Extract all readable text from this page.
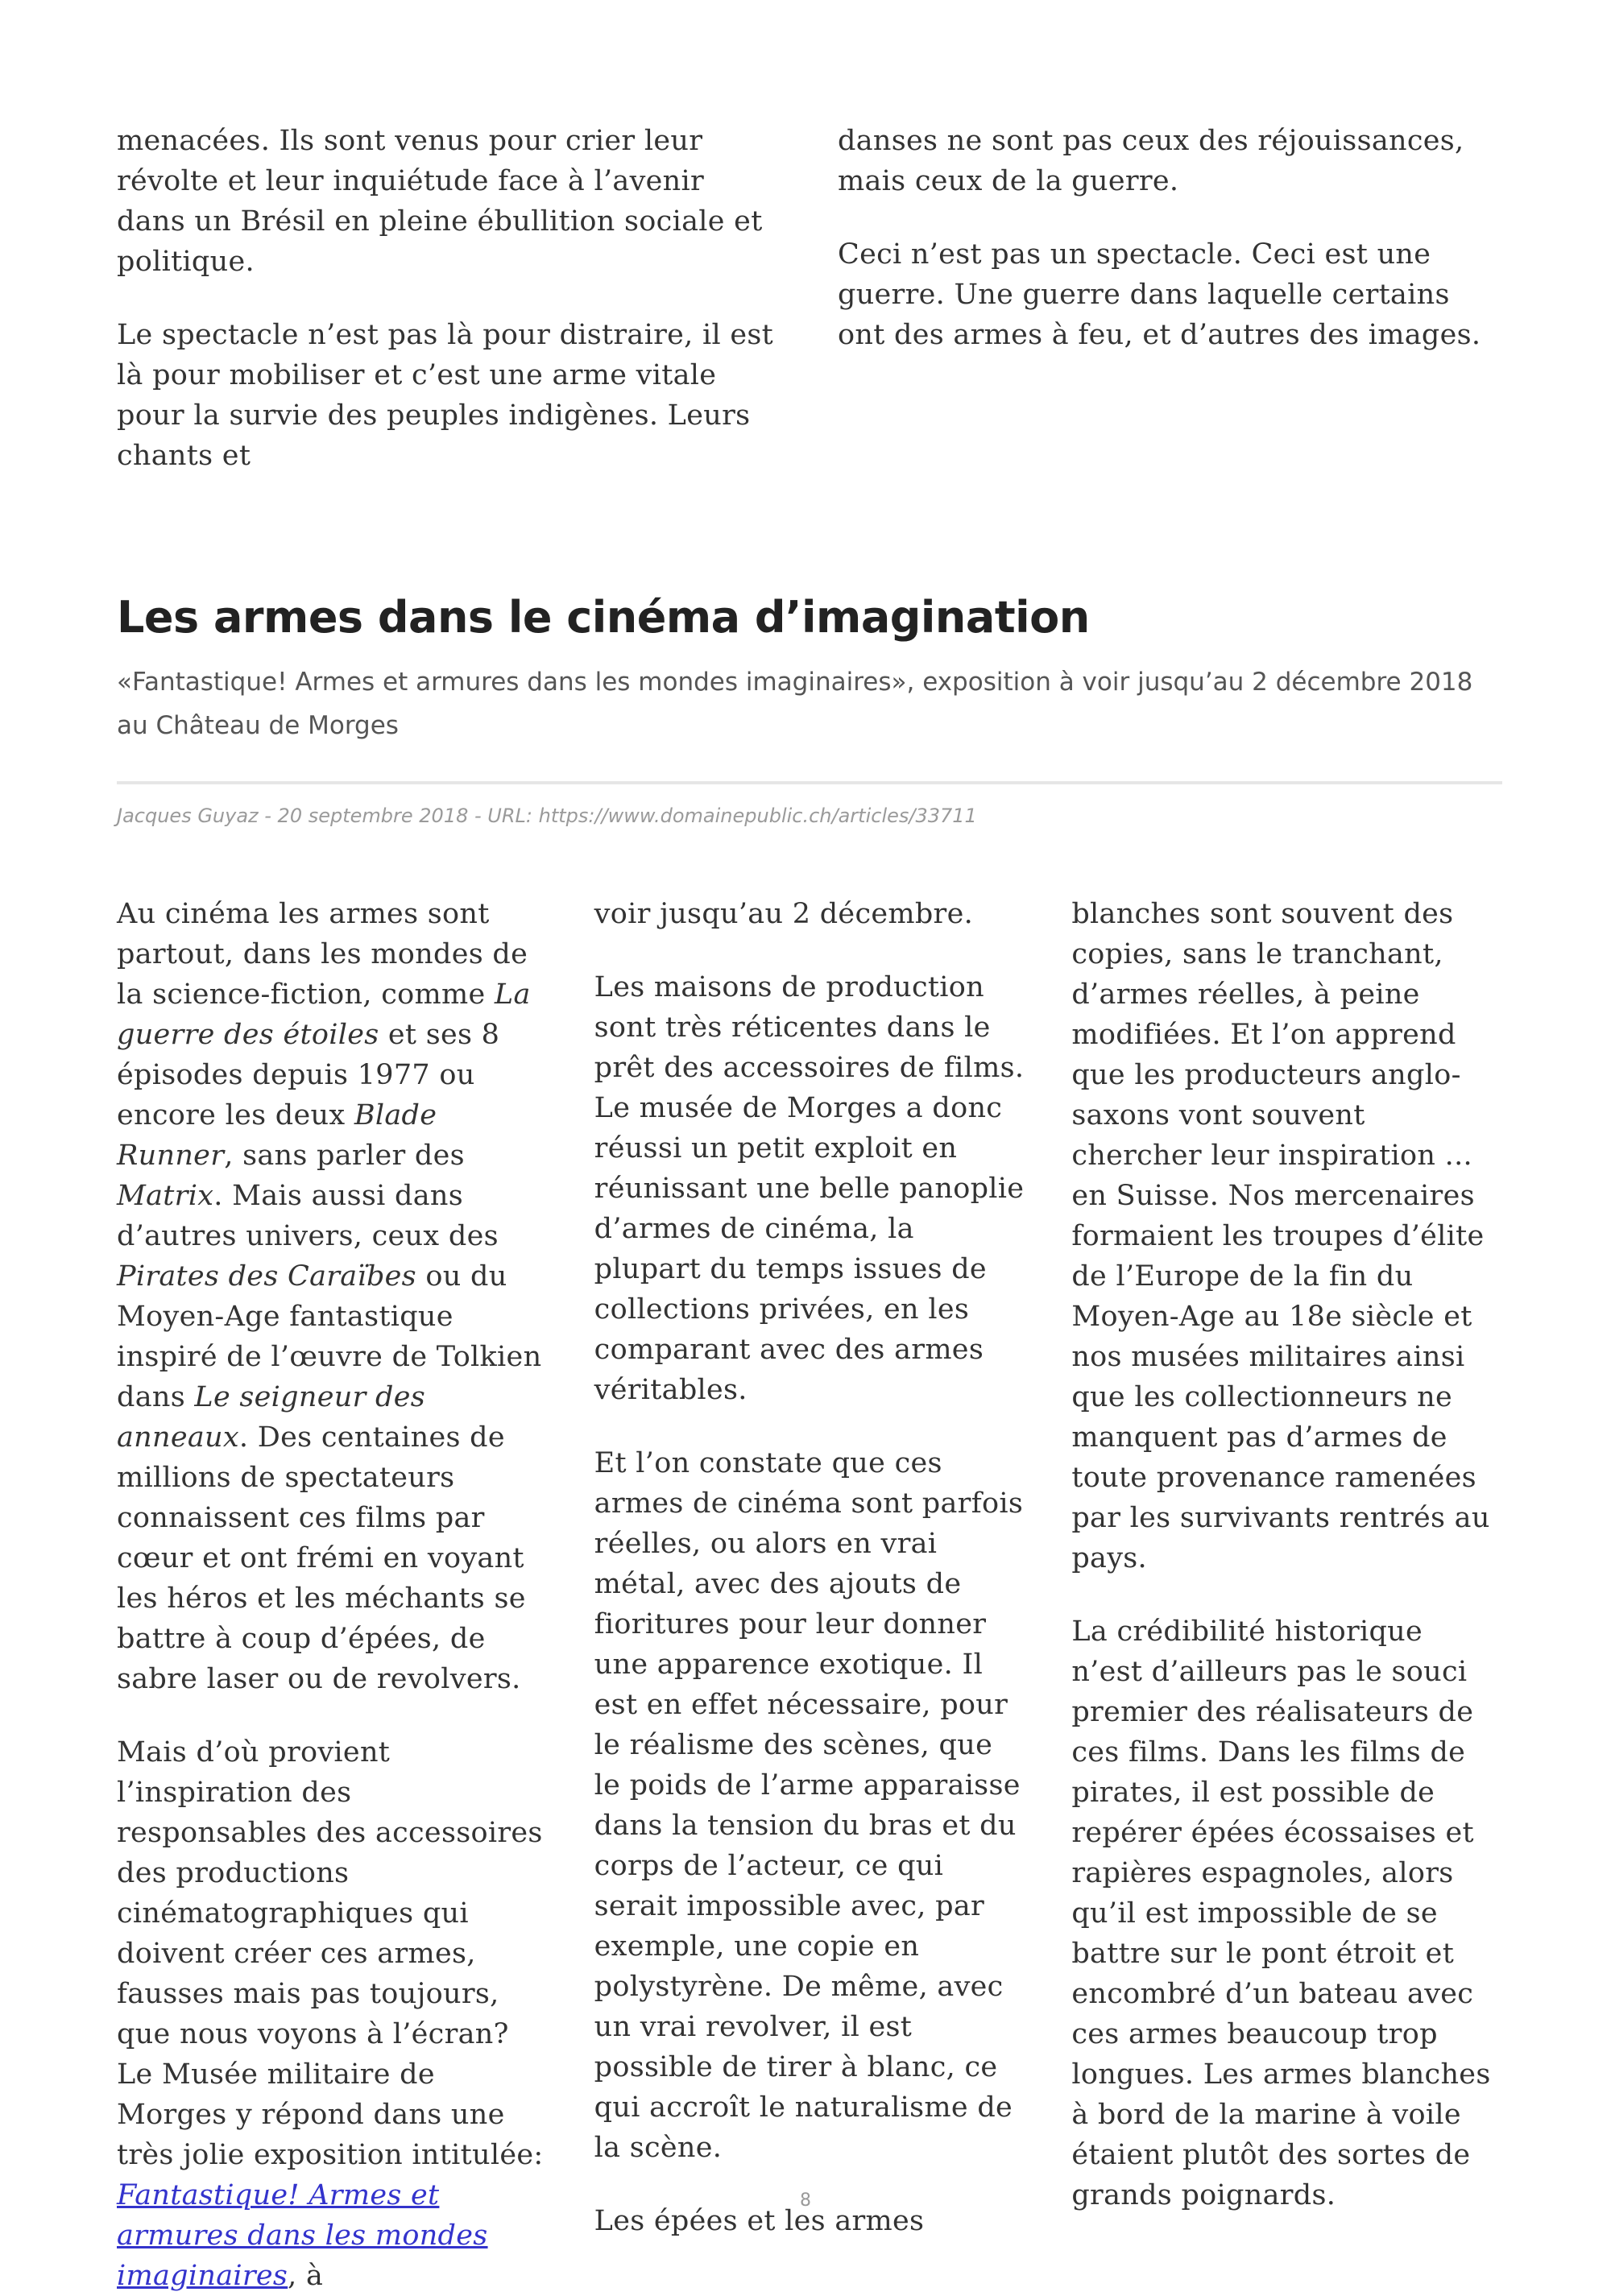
menacées. Ils sont venus pour crier leur révolte et leur inquiétude face à l’avenir dans un Brésil en pleine ébullition sociale et politique.

Le spectacle n’est pas là pour distraire, il est là pour mobiliser et c’est une arme vitale pour la survie des peuples indigènes. Leurs chants et

danses ne sont pas ceux des réjouissances, mais ceux de la guerre.

Ceci n’est pas un spectacle. Ceci est une guerre. Une guerre dans laquelle certains ont des armes à feu, et d’autres des images.

Les armes dans le cinéma d’imagination

«Fantastique! Armes et armures dans les mondes imaginaires», exposition à voir jusqu’au 2 décembre 2018 au Château de Morges

Jacques Guyaz - 20 septembre 2018 - URL: https://www.domainepublic.ch/articles/33711

Au cinéma les armes sont partout, dans les mondes de la science-fiction, comme La guerre des étoiles et ses 8 épisodes depuis 1977 ou encore les deux Blade Runner, sans parler des Matrix. Mais aussi dans d’autres univers, ceux des Pirates des Caraïbes ou du Moyen-Age fantastique inspiré de l’œuvre de Tolkien dans Le seigneur des anneaux. Des centaines de millions de spectateurs connaissent ces films par cœur et ont frémi en voyant les héros et les méchants se battre à coup d’épées, de sabre laser ou de revolvers.

Mais d’où provient l’inspiration des responsables des accessoires des productions cinématographiques qui doivent créer ces armes, fausses mais pas toujours, que nous voyons à l’écran? Le Musée militaire de Morges y répond dans une très jolie exposition intitulée: Fantastique! Armes et armures dans les mondes imaginaires, à

voir jusqu’au 2 décembre.

Les maisons de production sont très réticentes dans le prêt des accessoires de films. Le musée de Morges a donc réussi un petit exploit en réunissant une belle panoplie d’armes de cinéma, la plupart du temps issues de collections privées, en les comparant avec des armes véritables.

Et l’on constate que ces armes de cinéma sont parfois réelles, ou alors en vrai métal, avec des ajouts de fioritures pour leur donner une apparence exotique. Il est en effet nécessaire, pour le réalisme des scènes, que le poids de l’arme apparaisse dans la tension du bras et du corps de l’acteur, ce qui serait impossible avec, par exemple, une copie en polystyrène. De même, avec un vrai revolver, il est possible de tirer à blanc, ce qui accroît le naturalisme de la scène.

Les épées et les armes

blanches sont souvent des copies, sans le tranchant, d’armes réelles, à peine modifiées. Et l’on apprend que les producteurs anglo-saxons vont souvent chercher leur inspiration ... en Suisse. Nos mercenaires formaient les troupes d’élite de l’Europe de la fin du Moyen-Age au 18e siècle et nos musées militaires ainsi que les collectionneurs ne manquent pas d’armes de toute provenance ramenées par les survivants rentrés au pays.

La crédibilité historique n’est d’ailleurs pas le souci premier des réalisateurs de ces films. Dans les films de pirates, il est possible de repérer épées écossaises et rapières espagnoles, alors qu’il est impossible de se battre sur le pont étroit et encombré d’un bateau avec ces armes beaucoup trop longues. Les armes blanches à bord de la marine à voile étaient plutôt des sortes de grands poignards.

8
